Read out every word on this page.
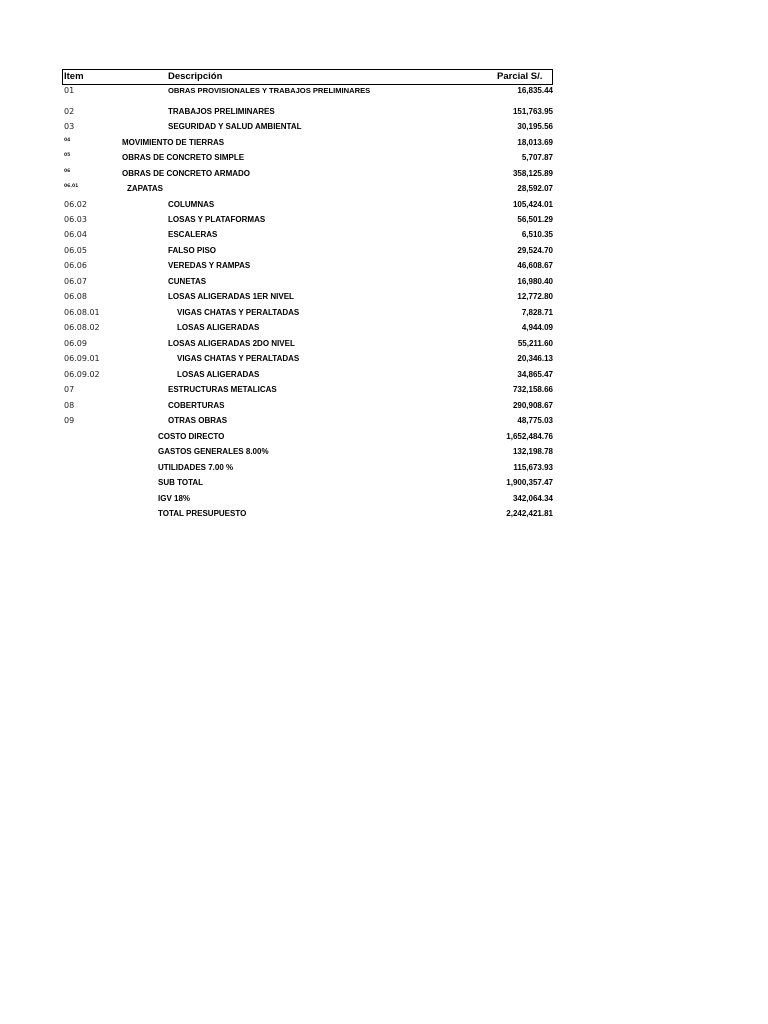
Item	Descripción	Parcial S/.
01	OBRAS PROVISIONALES Y TRABAJOS PRELIMINARES	16,835.44
02	TRABAJOS PRELIMINARES	151,763.95
03	SEGURIDAD Y SALUD AMBIENTAL	30,195.56
04	MOVIMIENTO DE TIERRAS	18,013.69
05	OBRAS DE CONCRETO SIMPLE	5,707.87
06	OBRAS DE CONCRETO ARMADO	358,125.89
06.01	ZAPATAS	28,592.07
06.02	COLUMNAS	105,424.01
06.03	LOSAS Y PLATAFORMAS	56,501.29
06.04	ESCALERAS	6,510.35
06.05	FALSO PISO	29,524.70
06.06	VEREDAS Y RAMPAS	46,608.67
06.07	CUNETAS	16,980.40
06.08	LOSAS ALIGERADAS 1ER NIVEL	12,772.80
06.08.01	VIGAS CHATAS Y PERALTADAS	7,828.71
06.08.02	LOSAS ALIGERADAS	4,944.09
06.09	LOSAS ALIGERADAS 2DO NIVEL	55,211.60
06.09.01	VIGAS CHATAS Y PERALTADAS	20,346.13
06.09.02	LOSAS ALIGERADAS	34,865.47
07	ESTRUCTURAS METALICAS	732,158.66
08	COBERTURAS	290,908.67
09	OTRAS OBRAS	48,775.03
COSTO DIRECTO	1,652,484.76
GASTOS GENERALES 8.00%	132,198.78
UTILIDADES 7.00 %	115,673.93
SUB TOTAL	1,900,357.47
IGV 18%	342,064.34
TOTAL PRESUPUESTO	2,242,421.81
